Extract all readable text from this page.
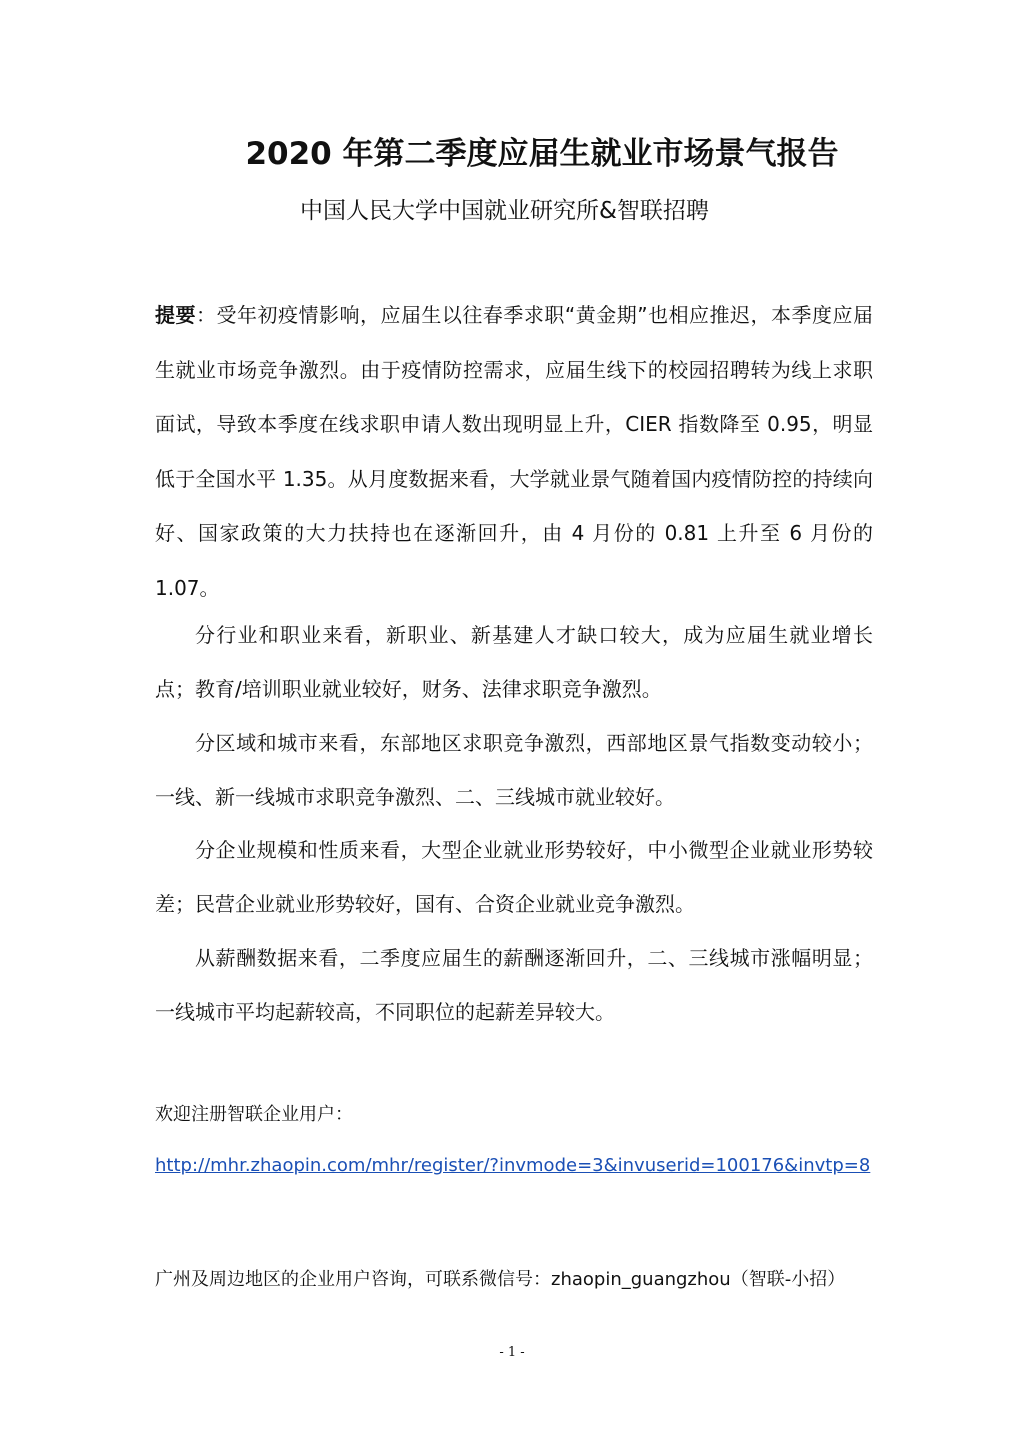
2020 年第二季度应届生就业市场景气报告
中国人民大学中国就业研究所&智联招聘
提要：受年初疫情影响，应届生以往春季求职“黄金期”也相应推迟，本季度应届生就业市场竞争激烈。由于疫情防控需求，应届生线下的校园招聘转为线上求职面试，导致本季度在线求职申请人数出现明显上升，CIER 指数降至 0.95，明显低于全国水平 1.35。从月度数据来看，大学就业景气随着国内疫情防控的持续向好、国家政策的大力扶持也在逐渐回升，由 4 月份的 0.81 上升至 6 月份的 1.07。
分行业和职业来看，新职业、新基建人才缺口较大，成为应届生就业增长点；教育/培训职业就业较好，财务、法律求职竞争激烈。
分区域和城市来看，东部地区求职竞争激烈，西部地区景气指数变动较小；一线、新一线城市求职竞争激烈、二、三线城市就业较好。
分企业规模和性质来看，大型企业就业形势较好，中小微型企业就业形势较差；民营企业就业形势较好，国有、合资企业就业竞争激烈。
从薪酬数据来看，二季度应届生的薪酬逐渐回升，二、三线城市涨幅明显；一线城市平均起薪较高，不同职位的起薪差异较大。
欢迎注册智联企业用户：
http://mhr.zhaopin.com/mhr/register/?invmode=3&invuserid=100176&invtp=8
广州及周边地区的企业用户咨询，可联系微信号：zhaopin_guangzhou（智联-小招）
- 1 -
